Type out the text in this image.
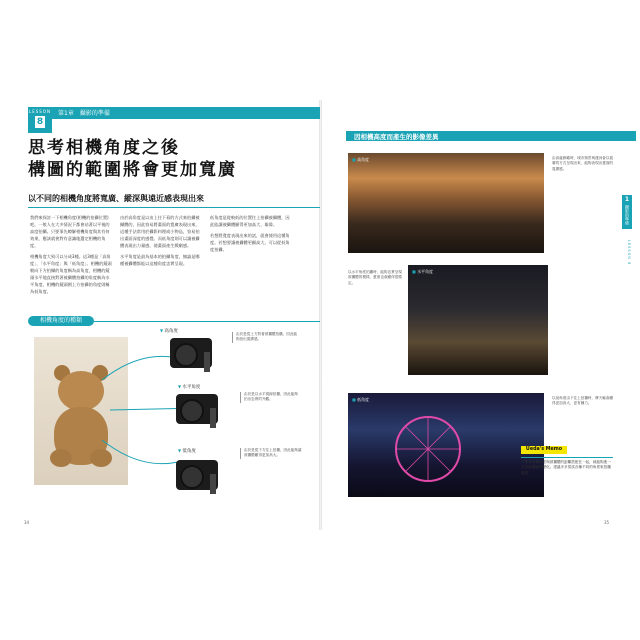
LESSON
8
第1章　攝影的準備
思考相機角度之後
構圖的範圍將會更加寬廣
以不同的相機角度將寬廣、縱深與遠近感表現出來

我們來探討一下相機角度(相機的拍攝位置)吧。一般人在大多情況下都會站著以平視的高度拍攝。只要事先瞭解相機角度與其有何效果，應該就會對有意識地選定相機的角度。

相機角度大致可以分成3種。這3種是「高角度」、「水平角度」與「低角度」。相機的鏡頭朝向下方拍攝的角度稱為高角度，相機的鏡頭水平地直接對著被攝體拍攝的角度稱為水平角度，相機的鏡頭朝上方拍攝的角度則稱為低角度。

由於高角度是以由上往下看的方式來拍攝被攝體的，因此容易將畫面的寬廣表現出來，這種手法常用於攝影料理或小物品，容易拍出畫面深度的感覺。而低角度則可以讓被攝體表現出力量感，使畫面產生戲劇感。

水平角度是最為基本的拍攝角度，無論是哪種被攝體都能以這種角度忠實呈現。

低角度是從較低的位置往上拍攝被攝體，因此能讓被攝體顯得更加高大、雄偉。

若想將寬度表現出來的話，就會使用這種角度。若想要讓被攝體更顯高大，可以從低角度拍攝。

相機角度的種類
▼ 高角度	由於是從上方對著被攝體拍攝，因此能夠拍出寬廣感。
▼ 水平角度
由於是以水平視線拍攝，因此能夠拍出忠實的外觀。
▼ 低角度	由於是從下方往上拍攝，因此能夠讓被攝體顯得更加高大。
34
因相機高度而產生的影像差異
■ 高角度	由高處俯瞰時，城市街景與運河會以寬廣的方式呈現出來，能夠表現出畫面的寬廣感。
■ 水平角度
以水平角度拍攝時，能夠忠實呈現被攝體的模樣，畫面也會顯得很穩定。
■ 低角度	以低角度由下往上拍攝時，摩天輪會顯得更加高大、更有魄力。
1
攝影的準備
LESSON 8
Ueda's Memo
只要將相機角度與被攝體的距離搭配在一起，就能夠進一步拓展構圖的變化。建議多多嘗試各種不同的角度來拍攝看看。
35
